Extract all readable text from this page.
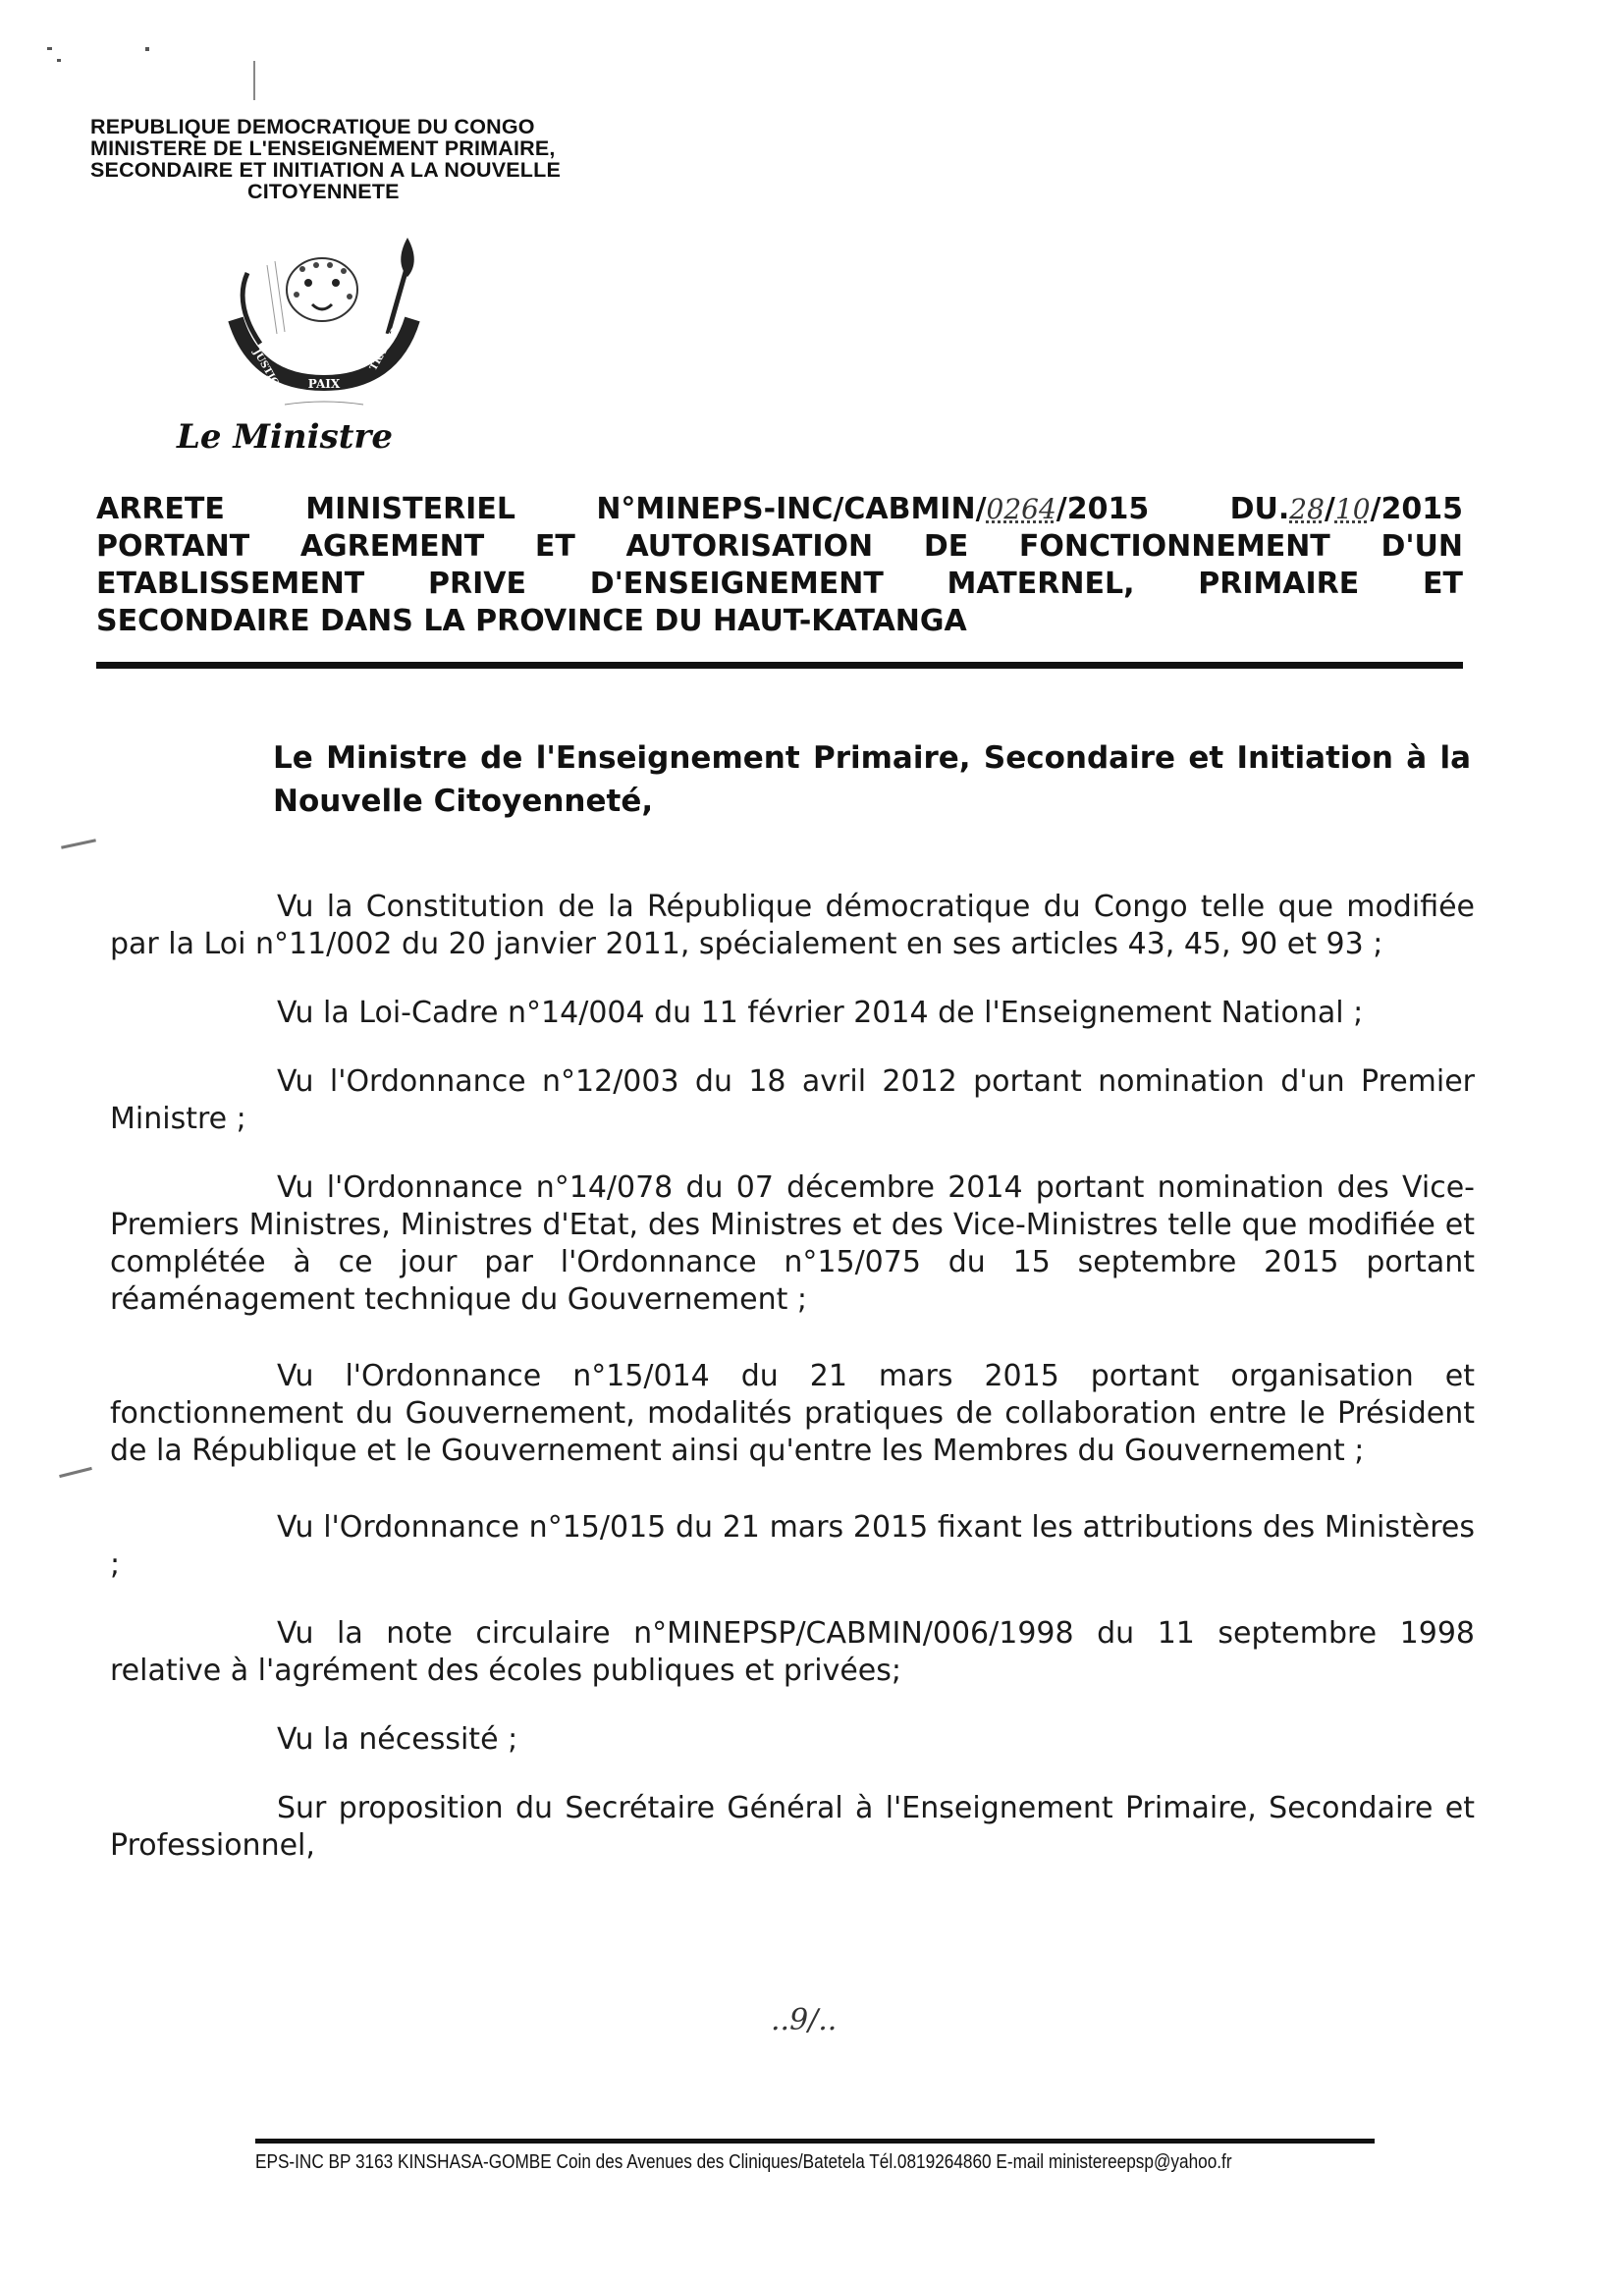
REPUBLIQUE DEMOCRATIQUE DU CONGO
MINISTERE DE L'ENSEIGNEMENT PRIMAIRE,
SECONDAIRE ET INITIATION A LA NOUVELLE
CITOYENNETE
PAIX
JUSTICE	TRAVAIL
Le Ministre
ARRETE	MINISTERIEL	N°MINEPS-INC/CABMIN/0264/2015	DU.28/10/2015
PORTANT AGREMENT ET AUTORISATION DE FONCTIONNEMENT D'UN
ETABLISSEMENT PRIVE D'ENSEIGNEMENT MATERNEL, PRIMAIRE ET
SECONDAIRE DANS LA PROVINCE DU HAUT-KATANGA
Le Ministre de l'Enseignement Primaire, Secondaire et Initiation à la
Nouvelle Citoyenneté,

Vu la Constitution de la République démocratique du Congo telle que modifiée par la Loi n°11/002 du 20 janvier 2011, spécialement en ses articles 43, 45, 90 et 93 ;

Vu la Loi-Cadre n°14/004 du 11 février 2014 de l'Enseignement National ;

Vu l'Ordonnance n°12/003 du 18 avril 2012 portant nomination d'un Premier Ministre ;

Vu l'Ordonnance n°14/078 du 07 décembre 2014 portant nomination des Vice-Premiers Ministres, Ministres d'Etat, des Ministres et des Vice-Ministres telle que modifiée et complétée à ce jour par l'Ordonnance n°15/075 du 15 septembre 2015 portant réaménagement technique du Gouvernement ;

Vu l'Ordonnance n°15/014 du 21 mars 2015 portant organisation et fonctionnement du Gouvernement, modalités pratiques de collaboration entre le Président de la République et le Gouvernement ainsi qu'entre les Membres du Gouvernement ;

Vu l'Ordonnance n°15/015 du 21 mars 2015 fixant les attributions des Ministères ;

Vu la note circulaire n°MINEPSP/CABMIN/006/1998 du 11 septembre 1998 relative à l'agrément des écoles publiques et privées;

Vu la nécessité ;

Sur proposition du Secrétaire Général à l'Enseignement Primaire, Secondaire et Professionnel,

..9/..
EPS-INC BP 3163 KINSHASA-GOMBE Coin des Avenues des Cliniques/Batetela Tél.0819264860 E-mail ministereepsp@yahoo.fr
